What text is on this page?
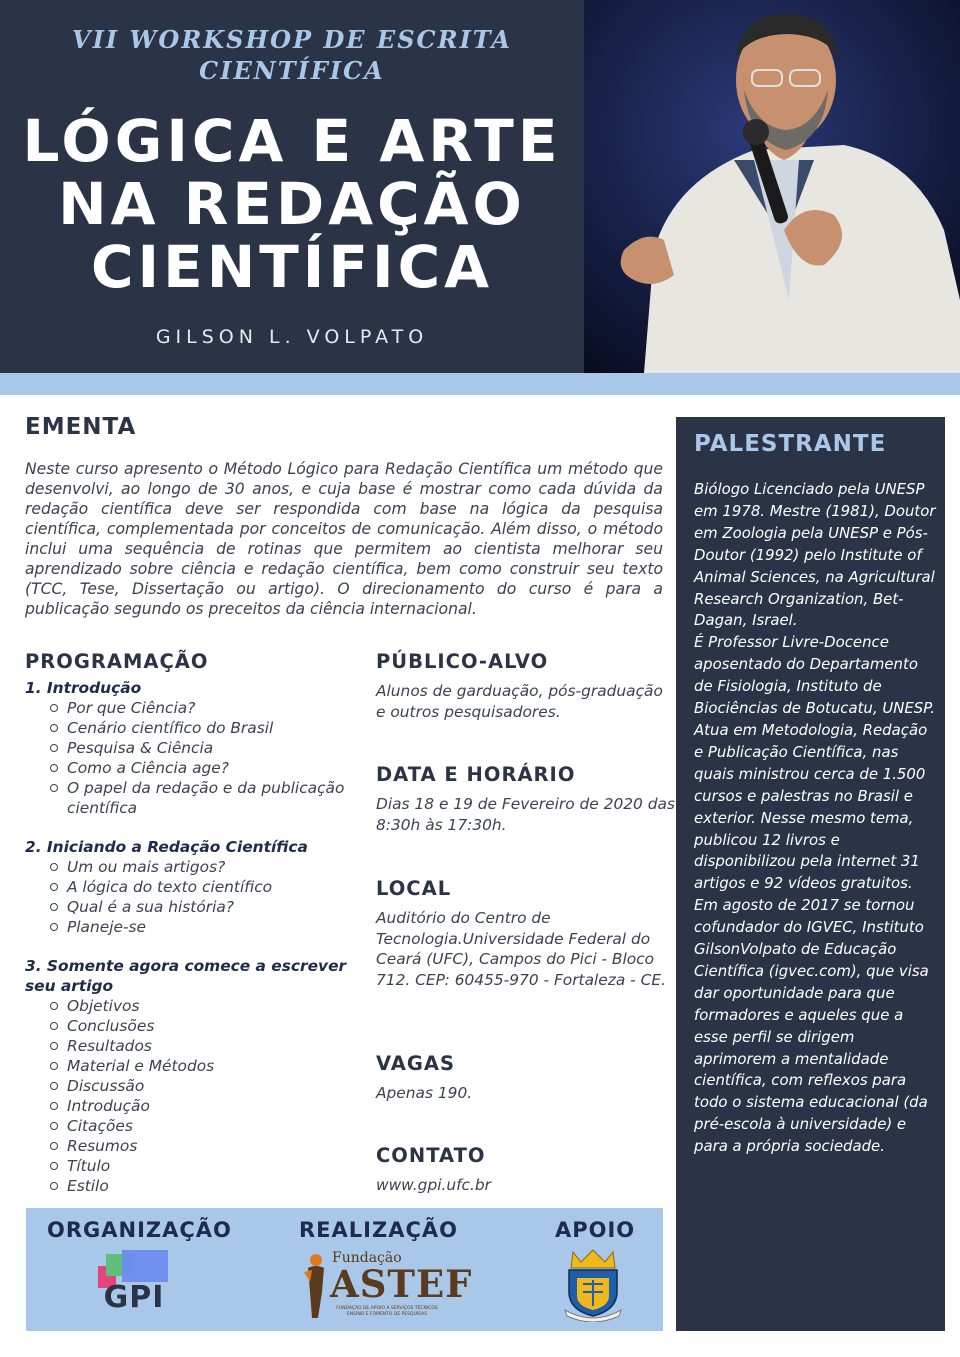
VII WORKSHOP DE ESCRITA CIENTÍFICA
LÓGICA E ARTE
NA REDAÇÃO
CIENTÍFICA
GILSON L. VOLPATO
EMENTA

Neste curso apresento o Método Lógico para Redação Científica um método que desenvolvi, ao longo de 30 anos, e cuja base é mostrar como cada dúvida da redação científica deve ser respondida com base na lógica da pesquisa científica, complementada por conceitos de comunicação. Além disso, o método inclui uma sequência de rotinas que permitem ao cientista melhorar seu aprendizado sobre ciência e redação científica, bem como construir seu texto (TCC, Tese, Dissertação ou artigo). O direcionamento do curso é para a publicação segundo os preceitos da ciência internacional.

PROGRAMAÇÃO
1. Introdução
Por que Ciência?
Cenário científico do Brasil
Pesquisa & Ciência
Como a Ciência age?
O papel da redação e da publicação científica
2. Iniciando a Redação Científica
Um ou mais artigos?
A lógica do texto científico
Qual é a sua história?
Planeje-se
3. Somente agora comece a escrever seu artigo
Objetivos
Conclusões
Resultados
Material e Métodos
Discussão
Introdução
Citações
Resumos
Título
Estilo
PÚBLICO-ALVO

Alunos de garduação, pós-graduação e outros pesquisadores.

DATA E HORÁRIO

Dias 18 e 19 de Fevereiro de 2020 das 8:30h às 17:30h.

LOCAL

Auditório do Centro de Tecnologia.Universidade Federal do Ceará (UFC), Campos do Pici - Bloco 712. CEP: 60455-970 - Fortaleza - CE.

VAGAS

Apenas 190.

CONTATO

www.gpi.ufc.br

PALESTRANTE

Biólogo Licenciado pela UNESP em 1978. Mestre (1981), Doutor em Zoologia pela UNESP e Pós-Doutor (1992) pelo Institute of Animal Sciences, na Agricultural Research Organization, Bet-Dagan, Israel.
É Professor Livre-Docence aposentado do Departamento de Fisiologia, Instituto de Biociências de Botucatu, UNESP.
Atua em Metodologia, Redação e Publicação Científica, nas quais ministrou cerca de 1.500 cursos e palestras no Brasil e exterior. Nesse mesmo tema, publicou 12 livros e disponibilizou pela internet 31 artigos e 92 vídeos gratuitos.
Em agosto de 2017 se tornou cofundador do IGVEC, Instituto GilsonVolpato de Educação Científica (igvec.com), que visa dar oportunidade para que formadores e aqueles que a esse perfil se dirigem aprimorem a mentalidade científica, com reflexos para todo o sistema educacional (da pré-escola à universidade) e para a própria sociedade.

ORGANIZAÇÃO	REALIZAÇÃO	APOIO
GPI
Fundação
ASTEF
FUNDAÇÃO DE APOIO A SERVIÇOS TÉCNICOS ENSINO E FOMENTO DE PESQUISAS
